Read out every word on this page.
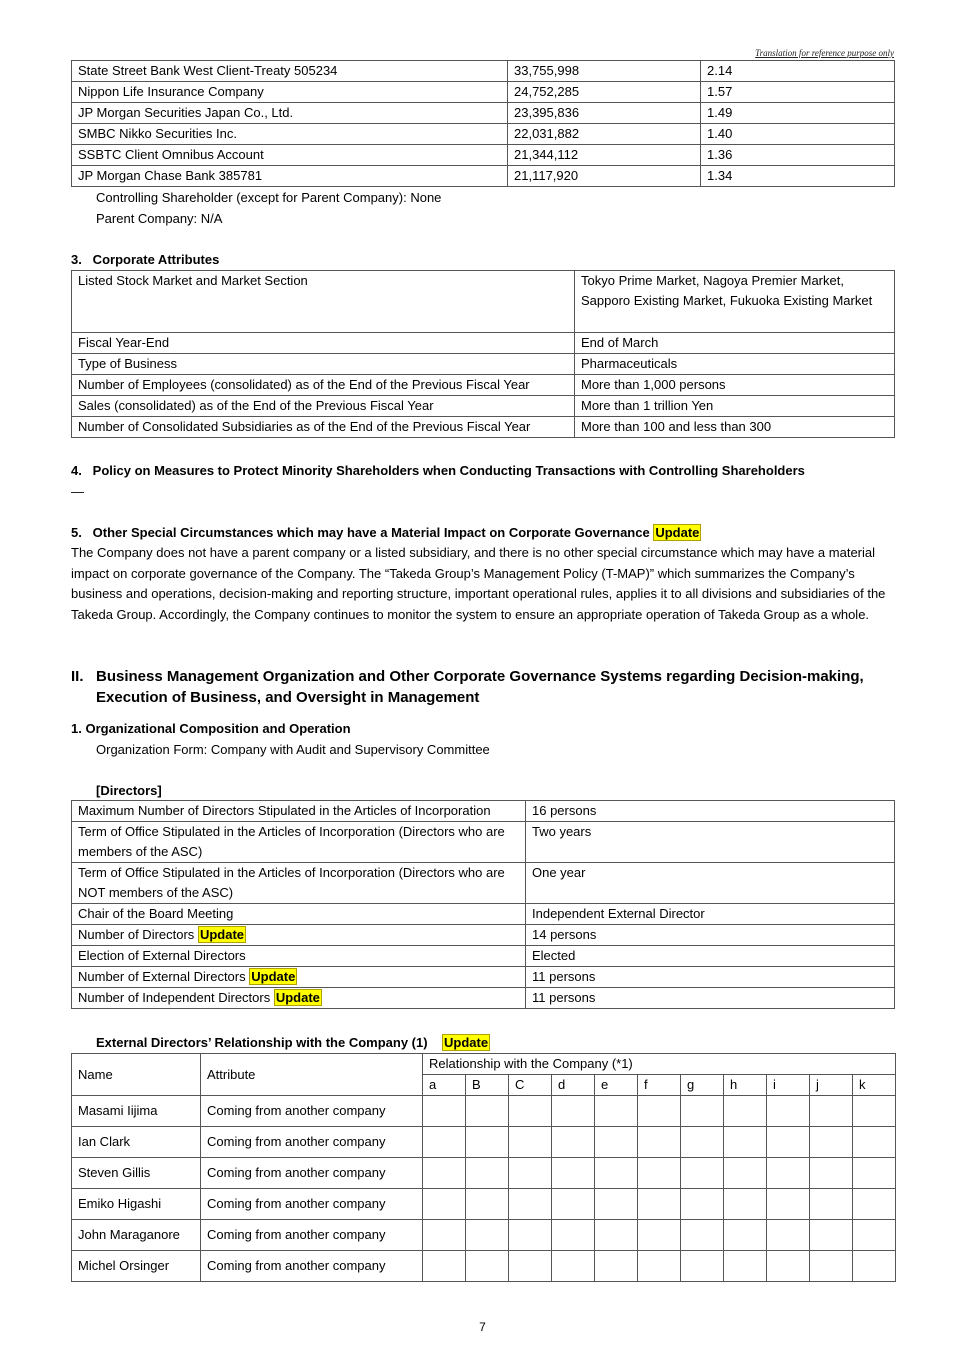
Translation for reference purpose only
State Street Bank West Client-Treaty 505234	33,755,998	2.14
Nippon Life Insurance Company	24,752,285	1.57
JP Morgan Securities Japan Co., Ltd.	23,395,836	1.49
SMBC Nikko Securities Inc.	22,031,882	1.40
SSBTC Client Omnibus Account	21,344,112	1.36
JP Morgan Chase Bank 385781	21,117,920	1.34
Controlling Shareholder (except for Parent Company): None
Parent Company: N/A
3.   Corporate Attributes
Listed Stock Market and Market Section	Tokyo Prime Market, Nagoya Premier Market, Sapporo Existing Market, Fukuoka Existing Market
Fiscal Year-End	End of March
Type of Business	Pharmaceuticals
Number of Employees (consolidated) as of the End of the Previous Fiscal Year	More than 1,000 persons
Sales (consolidated) as of the End of the Previous Fiscal Year	More than 1 trillion Yen
Number of Consolidated Subsidiaries as of the End of the Previous Fiscal Year	More than 100 and less than 300
4.   Policy on Measures to Protect Minority Shareholders when Conducting Transactions with Controlling Shareholders
—
5.   Other Special Circumstances which may have a Material Impact on Corporate Governance Update
The Company does not have a parent company or a listed subsidiary, and there is no other special circumstance which may have a material impact on corporate governance of the Company. The “Takeda Group’s Management Policy (T-MAP)” which summarizes the Company’s business and operations, decision-making and reporting structure, important operational rules, applies it to all divisions and subsidiaries of the Takeda Group. Accordingly, the Company continues to monitor the system to ensure an appropriate operation of Takeda Group as a whole.
II. Business Management Organization and Other Corporate Governance Systems regarding Decision-making, Execution of Business, and Oversight in Management
1. Organizational Composition and Operation
Organization Form: Company with Audit and Supervisory Committee
[Directors]
Maximum Number of Directors Stipulated in the Articles of Incorporation	16 persons
Term of Office Stipulated in the Articles of Incorporation (Directors who are members of the ASC)	Two years
Term of Office Stipulated in the Articles of Incorporation (Directors who are NOT members of the ASC)	One year
Chair of the Board Meeting	Independent External Director
Number of Directors Update	14 persons
Election of External Directors	Elected
Number of External Directors Update	11 persons
Number of Independent Directors Update	11 persons
External Directors’ Relationship with the Company (1) Update
Name	Attribute	Relationship with the Company (*1)										
		a	B	C	d	e	f	g	h	i	j	k
Masami Iijima	Coming from another company											
Ian Clark	Coming from another company											
Steven Gillis	Coming from another company											
Emiko Higashi	Coming from another company											
John Maraganore	Coming from another company											
Michel Orsinger	Coming from another company											
7
